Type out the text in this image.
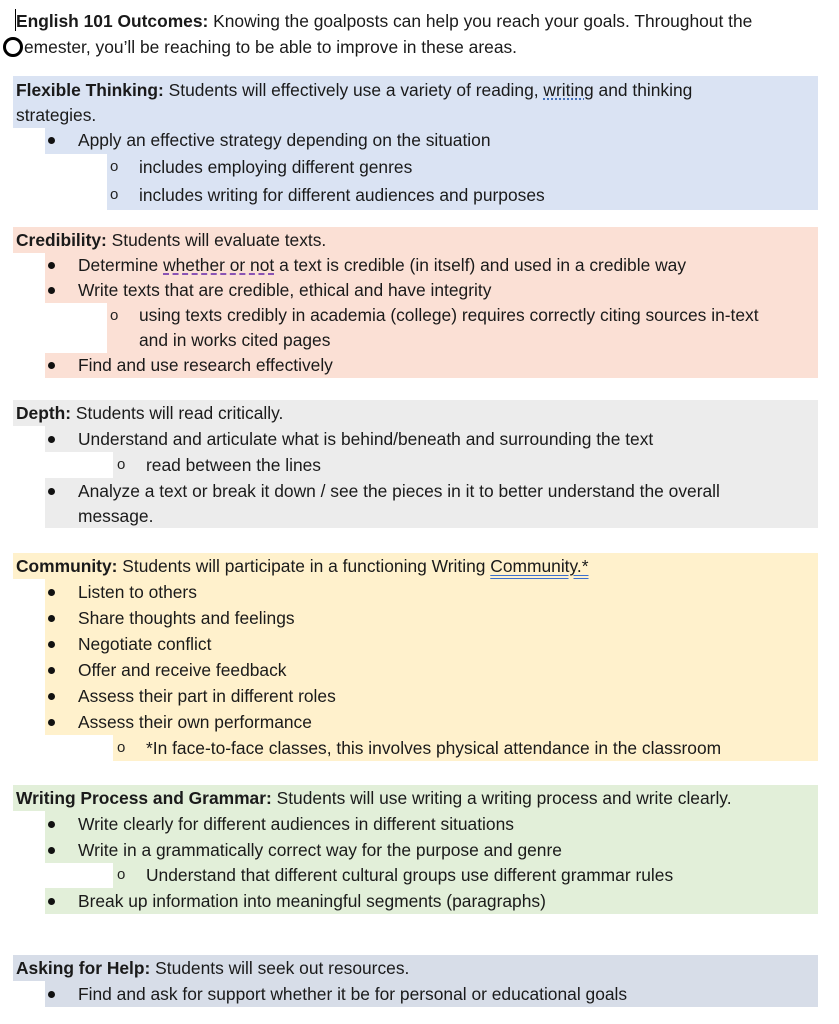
English 101 Outcomes: Knowing the goalposts can help you reach your goals. Throughout the
emester, you’ll be reaching to be able to improve in these areas.
Flexible Thinking: Students will effectively use a variety of reading, writing and thinking
strategies.
Apply an effective strategy depending on the situation
o includes employing different genres
o includes writing for different audiences and purposes
Credibility: Students will evaluate texts.
Determine whether or not a text is credible (in itself) and used in a credible way
Write texts that are credible, ethical and have integrity
o using texts credibly in academia (college) requires correctly citing sources in-text
and in works cited pages
Find and use research effectively
Depth: Students will read critically.
Understand and articulate what is behind/beneath and surrounding the text
o read between the lines
Analyze a text or break it down / see the pieces in it to better understand the overall
message.
Community: Students will participate in a functioning Writing Community.*
Listen to others
Share thoughts and feelings
Negotiate conflict
Offer and receive feedback
Assess their part in different roles
Assess their own performance
o *In face-to-face classes, this involves physical attendance in the classroom
Writing Process and Grammar: Students will use writing a writing process and write clearly.
Write clearly for different audiences in different situations
Write in a grammatically correct way for the purpose and genre
o Understand that different cultural groups use different grammar rules
Break up information into meaningful segments (paragraphs)
Asking for Help: Students will seek out resources.
Find and ask for support whether it be for personal or educational goals
